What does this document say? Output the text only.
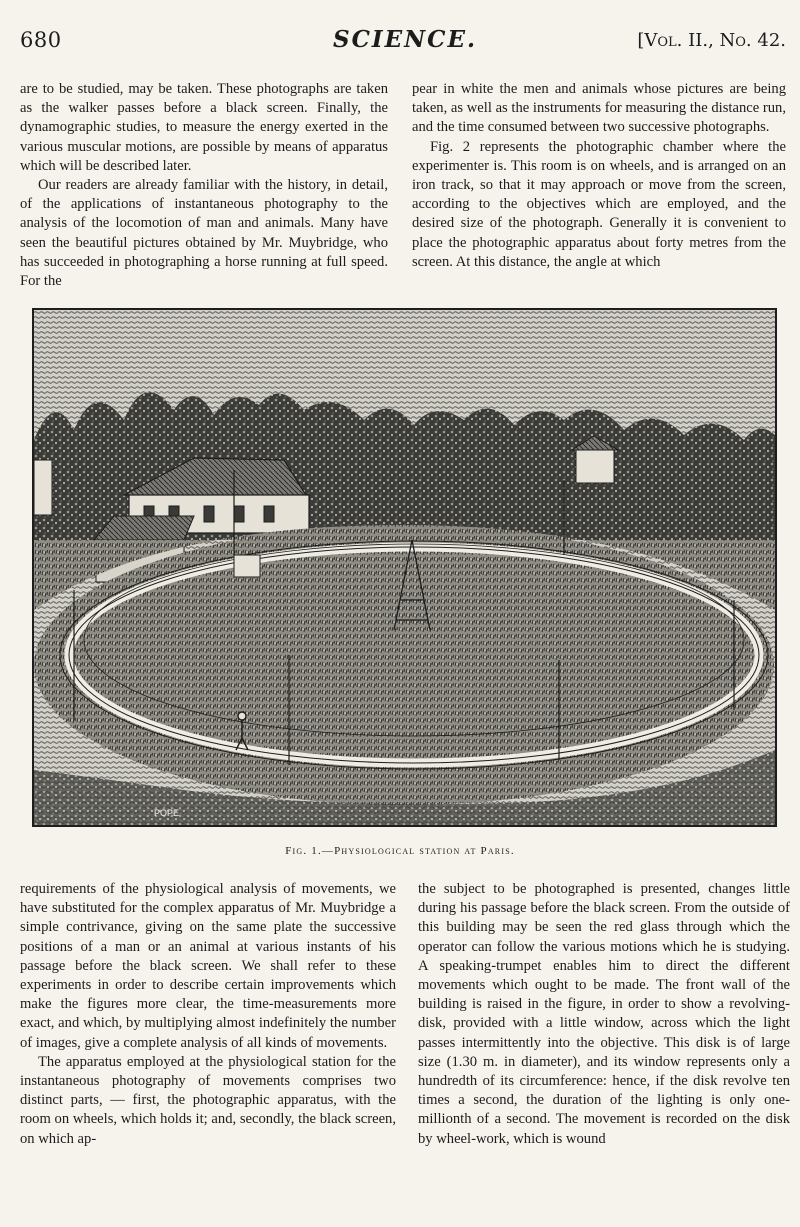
680	SCIENCE.	[Vol. II., No. 42.

are to be studied, may be taken. These photographs are taken as the walker passes before a black screen. Finally, the dynamographic studies, to measure the energy exerted in the various muscular motions, are possible by means of apparatus which will be described later.

Our readers are already familiar with the history, in detail, of the applications of instantaneous photography to the analysis of the locomotion of man and animals. Many have seen the beautiful pictures obtained by Mr. Muybridge, who has succeeded in photographing a horse running at full speed. For the

pear in white the men and animals whose pictures are being taken, as well as the instruments for measuring the distance run, and the time consumed between two successive photographs.

Fig. 2 represents the photographic chamber where the experimenter is. This room is on wheels, and is arranged on an iron track, so that it may approach or move from the screen, according to the objectives which are employed, and the desired size of the photograph. Generally it is convenient to place the photographic apparatus about forty metres from the screen. At this distance, the angle at which

POPE
Fig. 1.—Physiological station at Paris.

requirements of the physiological analysis of movements, we have substituted for the complex apparatus of Mr. Muybridge a simple contrivance, giving on the same plate the successive positions of a man or an animal at various instants of his passage before the black screen. We shall refer to these experiments in order to describe certain improvements which make the figures more clear, the time-measurements more exact, and which, by multiplying almost indefinitely the number of images, give a complete analysis of all kinds of movements.

The apparatus employed at the physiological station for the instantaneous photography of movements comprises two distinct parts, — first, the photographic apparatus, with the room on wheels, which holds it; and, secondly, the black screen, on which ap-

the subject to be photographed is presented, changes little during his passage before the black screen. From the outside of this building may be seen the red glass through which the operator can follow the various motions which he is studying. A speaking-trumpet enables him to direct the different movements which ought to be made. The front wall of the building is raised in the figure, in order to show a revolving-disk, provided with a little window, across which the light passes intermittently into the objective. This disk is of large size (1.30 m. in diameter), and its window represents only a hundredth of its circumference: hence, if the disk revolve ten times a second, the duration of the lighting is only one-millionth of a second. The movement is recorded on the disk by wheel-work, which is wound
